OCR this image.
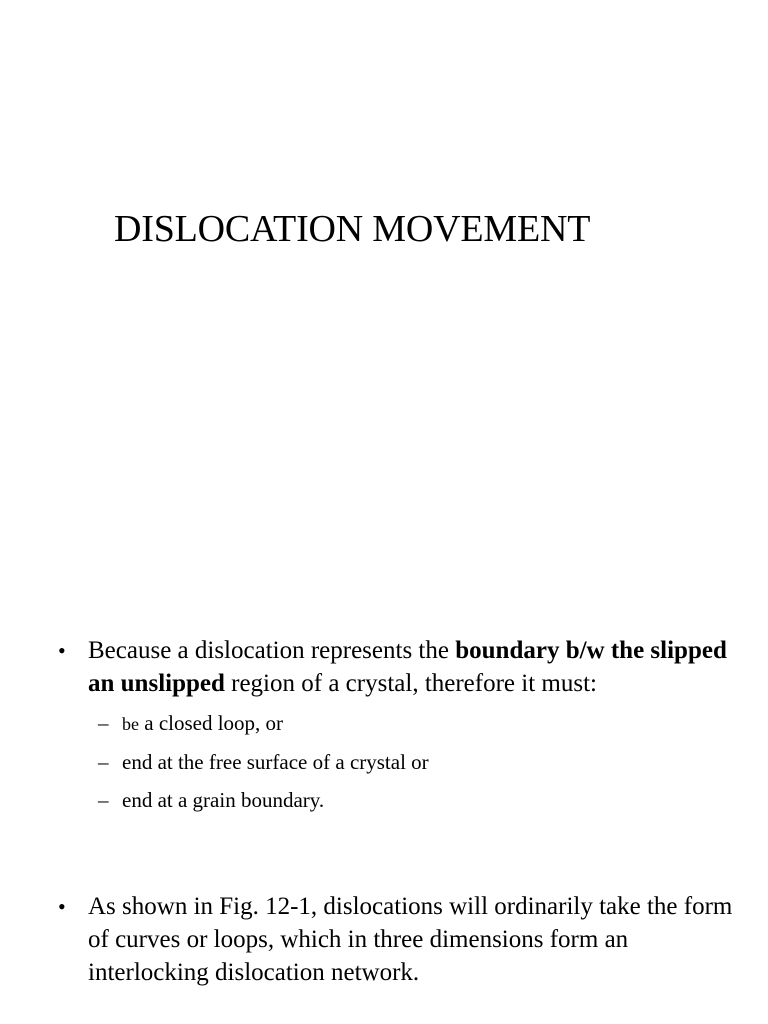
DISLOCATION MOVEMENT
• Because a dislocation represents the boundary b/w the slipped an unslipped region of a crystal, therefore it must:
– be a closed loop, or
– end at the free surface of a crystal or
– end at a grain boundary.
• As shown in Fig. 12-1, dislocations will ordinarily take the form of curves or loops, which in three dimensions form an interlocking dislocation network.
